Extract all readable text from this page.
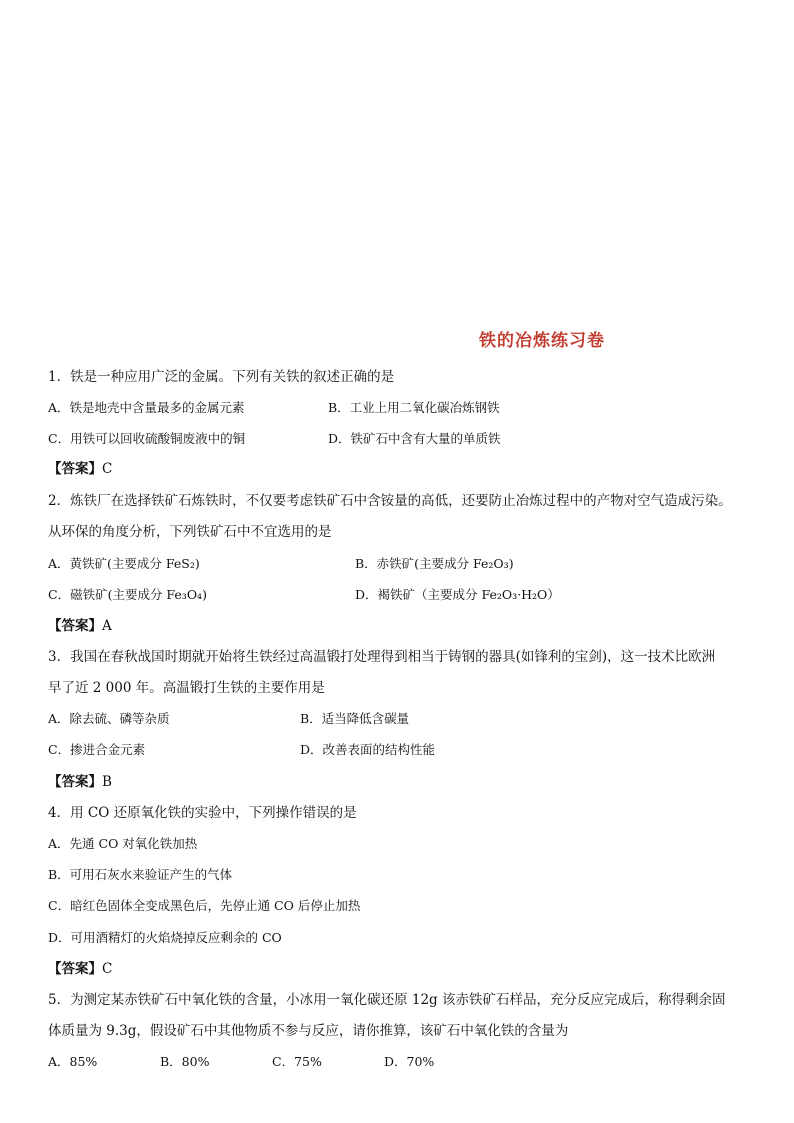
铁的冶炼练习卷
1．铁是一种应用广泛的金属。下列有关铁的叙述正确的是
A．铁是地壳中含量最多的金属元素	B．工业上用二氧化碳冶炼钢铁
C．用铁可以回收硫酸铜废液中的铜	D．铁矿石中含有大量的单质铁
【答案】C
2．炼铁厂在选择铁矿石炼铁时，不仅要考虑铁矿石中含铵量的高低，还要防止冶炼过程中的产物对空气造成污染。
从环保的角度分析，下列铁矿石中不宜选用的是
A．黄铁矿(主要成分 FeS₂)	B．赤铁矿(主要成分 Fe₂O₃)
C．磁铁矿(主要成分 Fe₃O₄)	D．褐铁矿（主要成分 Fe₂O₃·H₂O）
【答案】A
3．我国在春秋战国时期就开始将生铁经过高温锻打处理得到相当于铸钢的器具(如锋利的宝剑)，这一技术比欧洲
早了近 2 000 年。高温锻打生铁的主要作用是
A．除去硫、磷等杂质	B．适当降低含碳量
C．掺进合金元素	D．改善表面的结构性能
【答案】B
4．用 CO 还原氧化铁的实验中，下列操作错误的是
A．先通 CO 对氧化铁加热
B．可用石灰水来验证产生的气体
C．暗红色固体全变成黑色后，先停止通 CO 后停止加热
D．可用酒精灯的火焰烧掉反应剩余的 CO
【答案】C
5．为测定某赤铁矿石中氧化铁的含量，小冰用一氧化碳还原 12g 该赤铁矿石样品，充分反应完成后，称得剩余固
体质量为 9.3g，假设矿石中其他物质不参与反应，请你推算，该矿石中氧化铁的含量为
A．85%	B．80%	C．75%	D．70%
